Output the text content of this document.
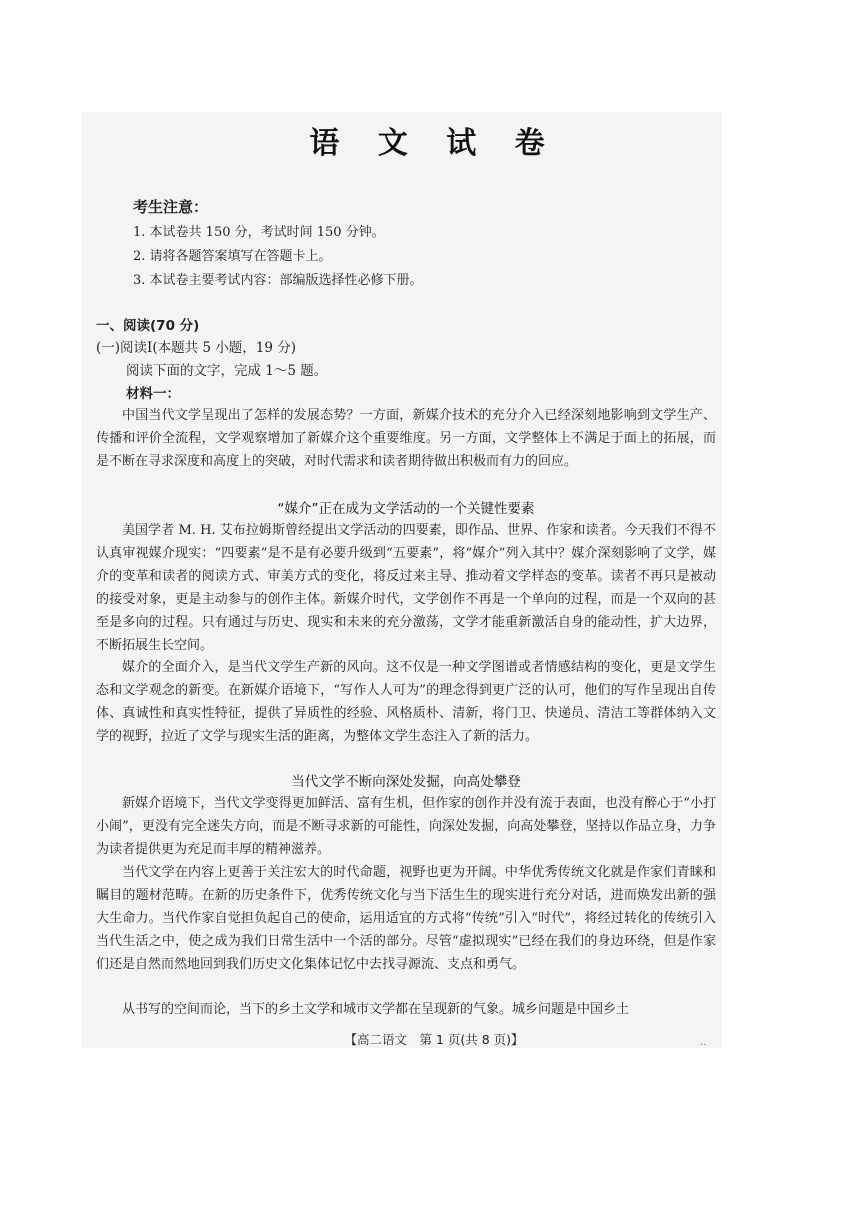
语 文 试 卷
考生注意：
1. 本试卷共 150 分，考试时间 150 分钟。
2. 请将各题答案填写在答题卡上。
3. 本试卷主要考试内容：部编版选择性必修下册。
一、阅读(70 分)
(一)阅读Ⅰ(本题共 5 小题，19 分)
阅读下面的文字，完成 1～5 题。
材料一：

中国当代文学呈现出了怎样的发展态势？一方面，新媒介技术的充分介入已经深刻地影响到文学生产、传播和评价全流程，文学观察增加了新媒介这个重要维度。另一方面，文学整体上不满足于面上的拓展，而是不断在寻求深度和高度上的突破，对时代需求和读者期待做出积极而有力的回应。

“媒介”正在成为文学活动的一个关键性要素

美国学者 M. H. 艾布拉姆斯曾经提出文学活动的四要素，即作品、世界、作家和读者。今天我们不得不认真审视媒介现实：“四要素”是不是有必要升级到“五要素”，将“媒介”列入其中？媒介深刻影响了文学，媒介的变革和读者的阅读方式、审美方式的变化，将反过来主导、推动着文学样态的变革。读者不再只是被动的接受对象，更是主动参与的创作主体。新媒介时代，文学创作不再是一个单向的过程，而是一个双向的甚至是多向的过程。只有通过与历史、现实和未来的充分激荡，文学才能重新激活自身的能动性，扩大边界，不断拓展生长空间。

媒介的全面介入，是当代文学生产新的风向。这不仅是一种文学图谱或者情感结构的变化，更是文学生态和文学观念的新变。在新媒介语境下，“写作人人可为”的理念得到更广泛的认可，他们的写作呈现出自传体、真诚性和真实性特征，提供了异质性的经验、风格质朴、清新，将门卫、快递员、清洁工等群体纳入文学的视野，拉近了文学与现实生活的距离，为整体文学生态注入了新的活力。

当代文学不断向深处发掘，向高处攀登

新媒介语境下，当代文学变得更加鲜活、富有生机，但作家的创作并没有流于表面，也没有醉心于“小打小闹”，更没有完全迷失方向，而是不断寻求新的可能性，向深处发掘，向高处攀登，坚持以作品立身，力争为读者提供更为充足而丰厚的精神滋养。

当代文学在内容上更善于关注宏大的时代命题，视野也更为开阔。中华优秀传统文化就是作家们青睐和瞩目的题材范畴。在新的历史条件下，优秀传统文化与当下活生生的现实进行充分对话，进而焕发出新的强大生命力。当代作家自觉担负起自己的使命，运用适宜的方式将“传统”引入“时代”，将经过转化的传统引入当代生活之中，使之成为我们日常生活中一个活的部分。尽管“虚拟现实”已经在我们的身边环绕，但是作家们还是自然而然地回到我们历史文化集体记忆中去找寻源流、支点和勇气。

从书写的空间而论，当下的乡土文学和城市文学都在呈现新的气象。城乡问题是中国乡土

【高二语文　第 1 页(共 8 页)】	··
